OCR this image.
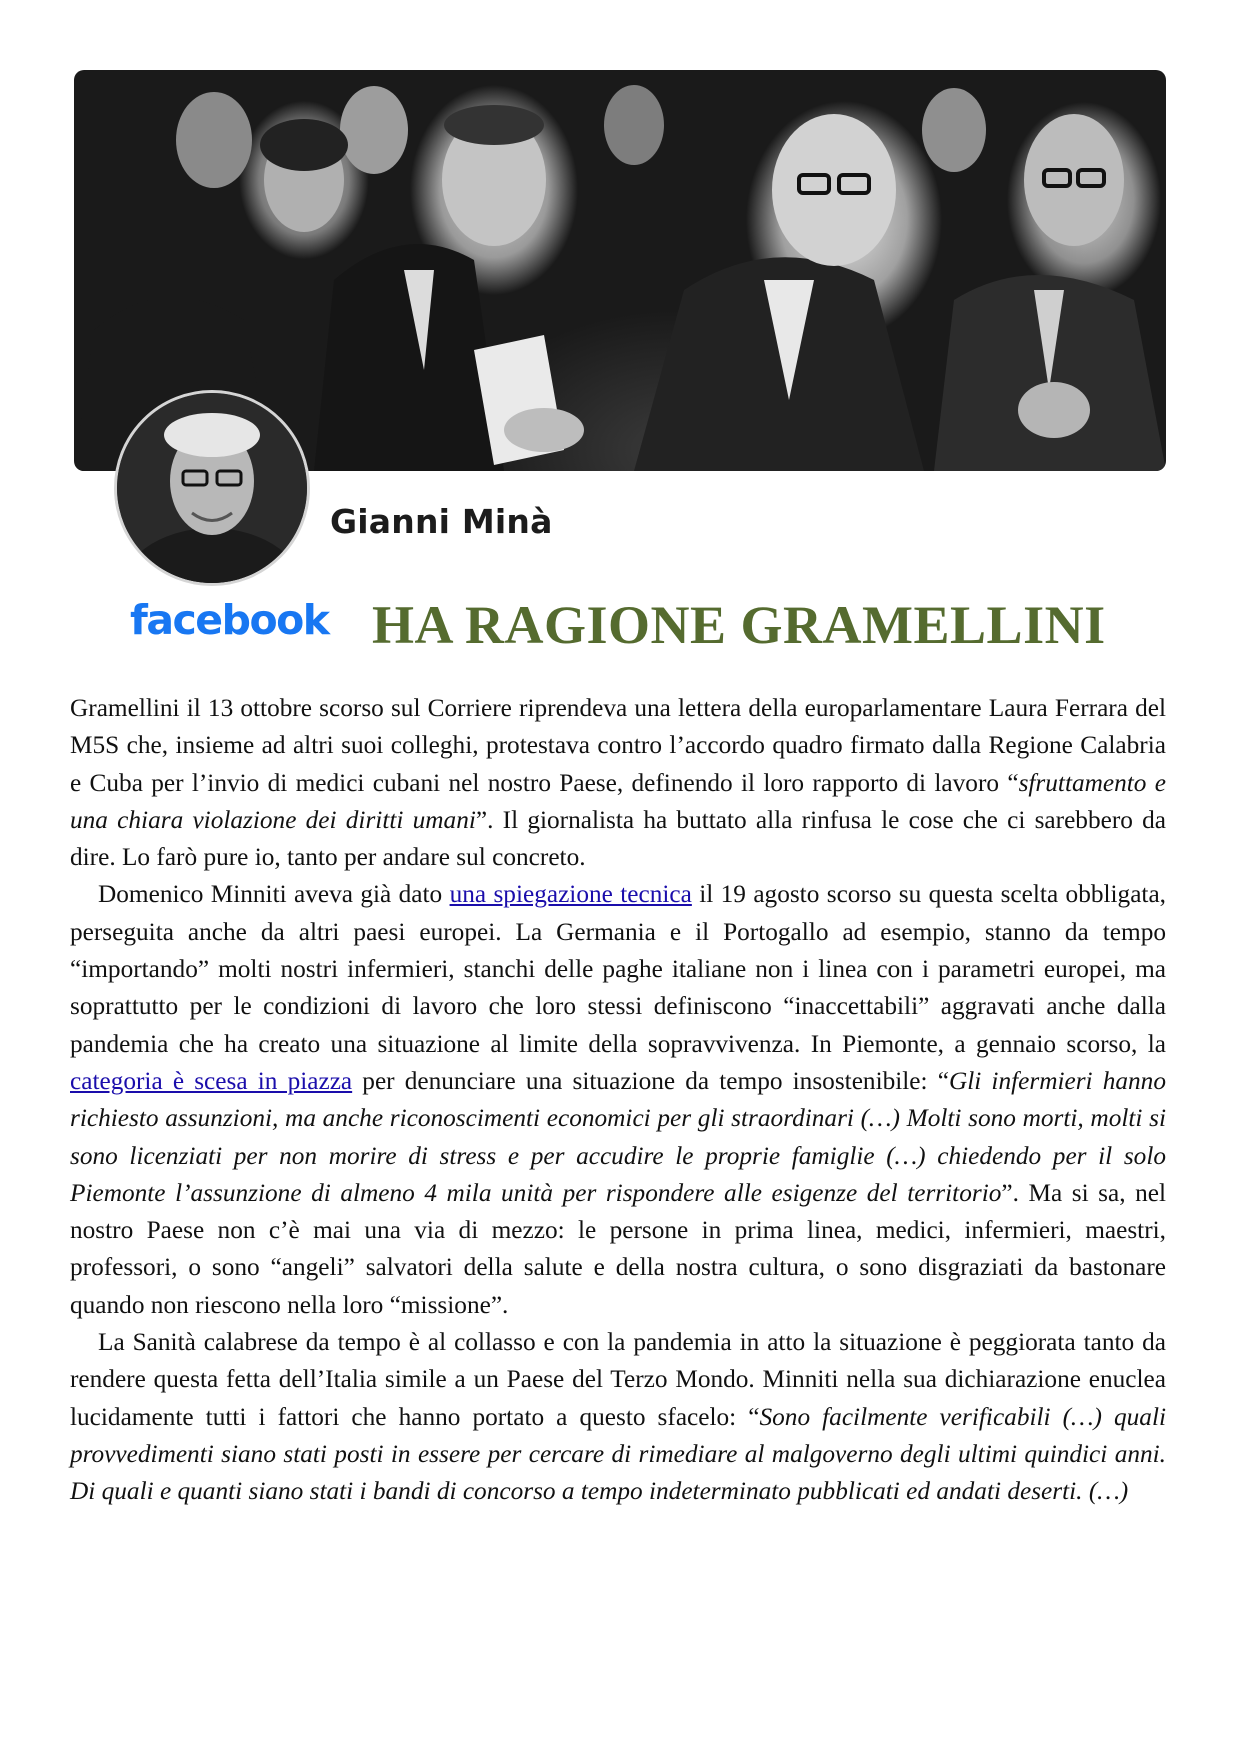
Gianni Minà
facebook HA RAGIONE GRAMELLINI

Gramellini il 13 ottobre scorso sul Corriere riprendeva una lettera della europarlamentare Laura Ferrara del M5S che, insieme ad altri suoi colleghi, protestava contro l’accordo quadro firmato dalla Regione Calabria e Cuba per l’invio di medici cubani nel nostro Paese, definendo il loro rapporto di lavoro “sfruttamento e una chiara violazione dei diritti umani”. Il giornalista ha buttato alla rinfusa le cose che ci sarebbero da dire. Lo farò pure io, tanto per andare sul concreto.

Domenico Minniti aveva già dato una spiegazione tecnica il 19 agosto scorso su questa scelta obbligata, perseguita anche da altri paesi europei. La Germania e il Portogallo ad esempio, stanno da tempo “importando” molti nostri infermieri, stanchi delle paghe italiane non i linea con i parametri europei, ma soprattutto per le condizioni di lavoro che loro stessi definiscono “inaccettabili” aggravati anche dalla pandemia che ha creato una situazione al limite della sopravvivenza. In Piemonte, a gennaio scorso, la categoria è scesa in piazza per denunciare una situazione da tempo insostenibile: “Gli infermieri hanno richiesto assunzioni, ma anche riconoscimenti economici per gli straordinari (…) Molti sono morti, molti si sono licenziati per non morire di stress e per accudire le proprie famiglie (…) chiedendo per il solo Piemonte l’assunzione di almeno 4 mila unità per rispondere alle esigenze del territorio”. Ma si sa, nel nostro Paese non c’è mai una via di mezzo: le persone in prima linea, medici, infermieri, maestri, professori, o sono “angeli” salvatori della salute e della nostra cultura, o sono disgraziati da bastonare quando non riescono nella loro “missione”.

La Sanità calabrese da tempo è al collasso e con la pandemia in atto la situazione è peggiorata tanto da rendere questa fetta dell’Italia simile a un Paese del Terzo Mondo. Minniti nella sua dichiarazione enuclea lucidamente tutti i fattori che hanno portato a questo sfacelo: “Sono facilmente verificabili (…) quali provvedimenti siano stati posti in essere per cercare di rimediare al malgoverno degli ultimi quindici anni. Di quali e quanti siano stati i bandi di concorso a tempo indeterminato pubblicati ed andati deserti. (…)
